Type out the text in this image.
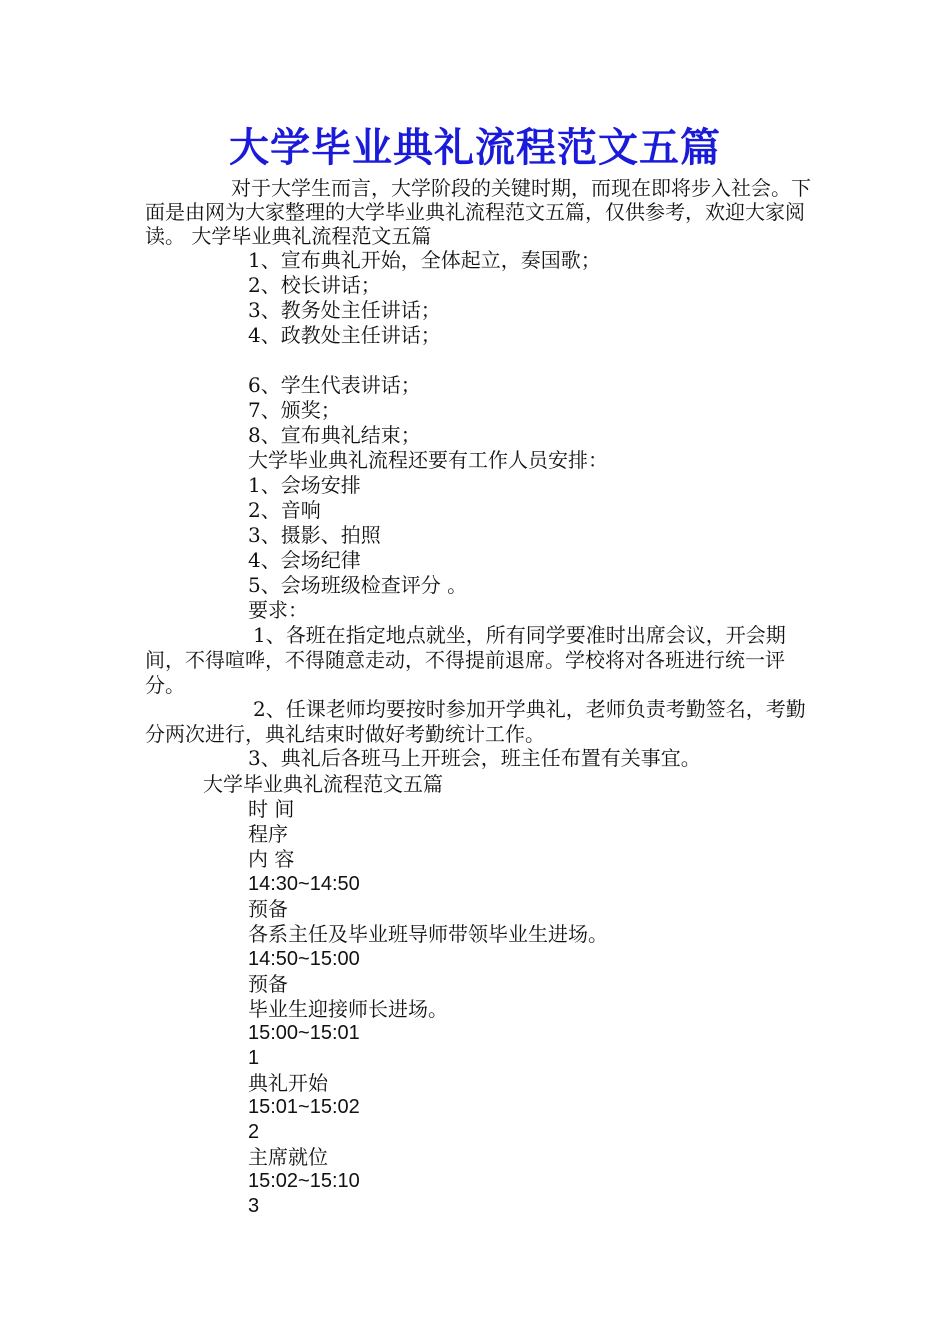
大学毕业典礼流程范文五篇
对于大学生而言，大学阶段的关键时期，而现在即将步入社会。下面是由网为大家整理的大学毕业典礼流程范文五篇，仅供参考，欢迎大家阅读。 大学毕业典礼流程范文五篇
1、宣布典礼开始，全体起立，奏国歌；
2、校长讲话；
3、教务处主任讲话；
4、政教处主任讲话；
6、学生代表讲话；
7、颁奖；
8、宣布典礼结束；
大学毕业典礼流程还要有工作人员安排：
1、会场安排
2、音响
3、摄影、拍照
4、会场纪律
5、会场班级检查评分 。
要求：
1、各班在指定地点就坐，所有同学要准时出席会议，开会期间，不得喧哗，不得随意走动，不得提前退席。学校将对各班进行统一评分。
2、任课老师均要按时参加开学典礼，老师负责考勤签名，考勤分两次进行，典礼结束时做好考勤统计工作。
3、典礼后各班马上开班会，班主任布置有关事宜。
大学毕业典礼流程范文五篇
时 间
程序
内 容
14:30~14:50
预备
各系主任及毕业班导师带领毕业生进场。
14:50~15:00
预备
毕业生迎接师长进场。
15:00~15:01
1
典礼开始
15:01~15:02
2
主席就位
15:02~15:10
3
